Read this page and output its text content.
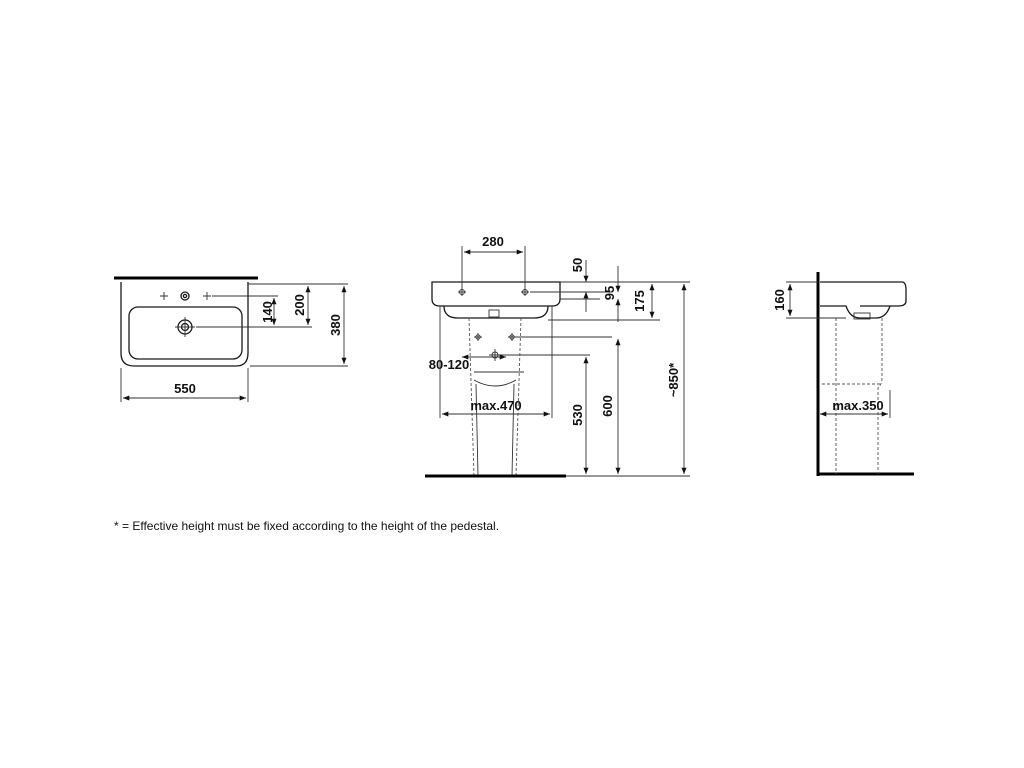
550
140 200
380
280
50
95 175
80-120
max.470	530 600
~850*
160
max.350
* = Effective height must be fixed according to the height of the pedestal.
